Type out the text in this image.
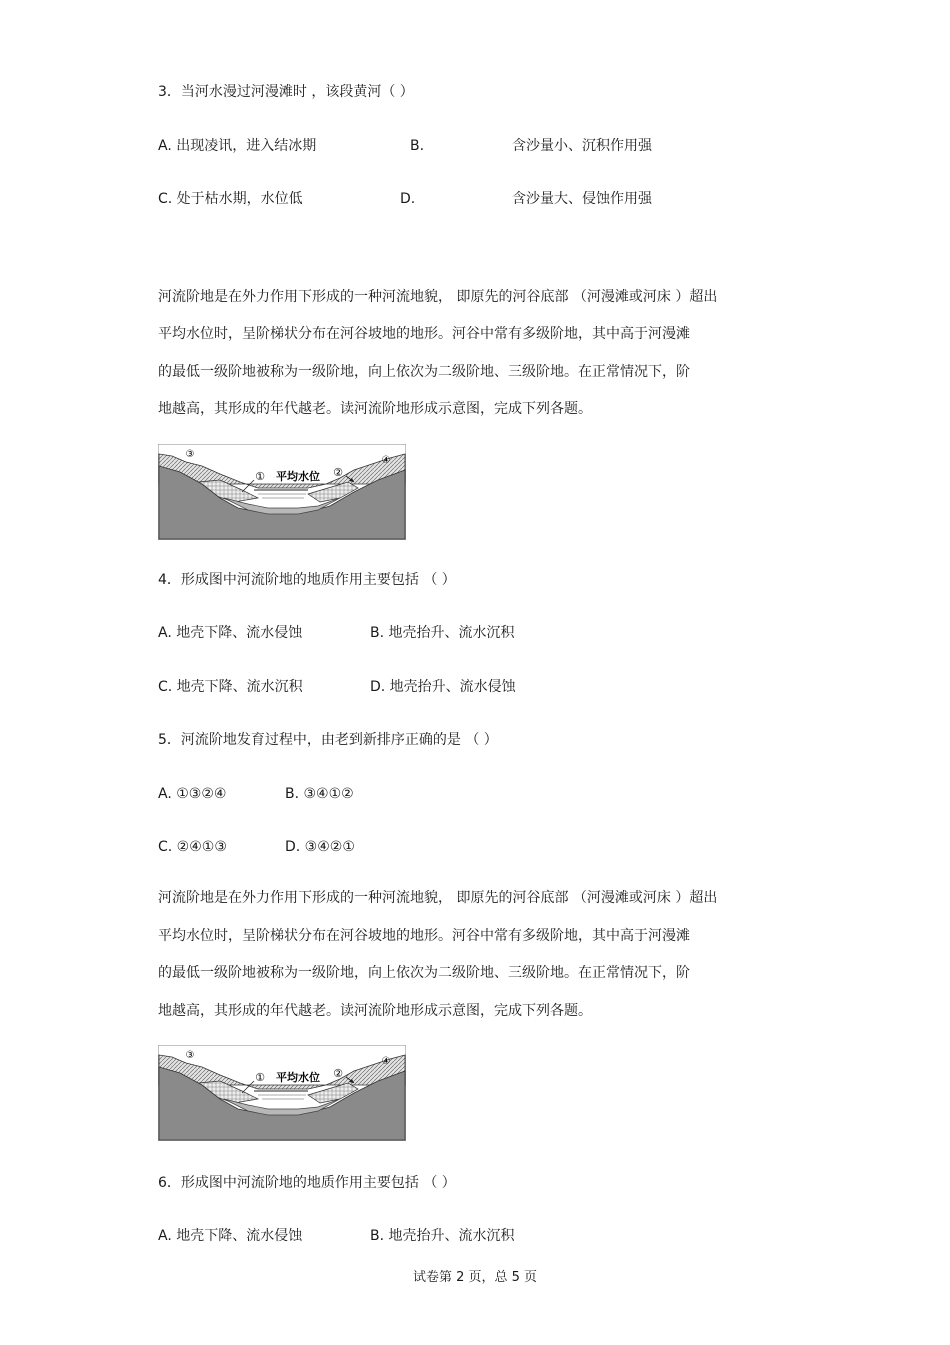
3．当河水漫过河漫滩时 ，该段黄河（ ）
A. 出现凌讯，进入结冰期	B.	含沙量小、沉积作用强
C. 处于枯水期，水位低	D.	含沙量大、侵蚀作用强
河流阶地是在外力作用下形成的一种河流地貌， 即原先的河谷底部 （河漫滩或河床 ）超出
平均水位时，呈阶梯状分布在河谷坡地的地形。河谷中常有多级阶地，其中高于河漫滩
的最低一级阶地被称为一级阶地，向上依次为二级阶地、三级阶地。在正常情况下，阶
地越高，其形成的年代越老。读河流阶地形成示意图，完成下列各题。
③
① 平均水位 ②
④
4．形成图中河流阶地的地质作用主要包括 （ ）
A. 地壳下降、流水侵蚀	B. 地壳抬升、流水沉积
C. 地壳下降、流水沉积	D. 地壳抬升、流水侵蚀
5．河流阶地发育过程中，由老到新排序正确的是 （ ）
A. ①③②④	B. ③④①②
C. ②④①③	D. ③④②①
河流阶地是在外力作用下形成的一种河流地貌， 即原先的河谷底部 （河漫滩或河床 ）超出
平均水位时，呈阶梯状分布在河谷坡地的地形。河谷中常有多级阶地，其中高于河漫滩
的最低一级阶地被称为一级阶地，向上依次为二级阶地、三级阶地。在正常情况下，阶
地越高，其形成的年代越老。读河流阶地形成示意图，完成下列各题。
③
① 平均水位 ②
④
6．形成图中河流阶地的地质作用主要包括 （ ）
A. 地壳下降、流水侵蚀	B. 地壳抬升、流水沉积
试卷第 2 页，总 5 页
